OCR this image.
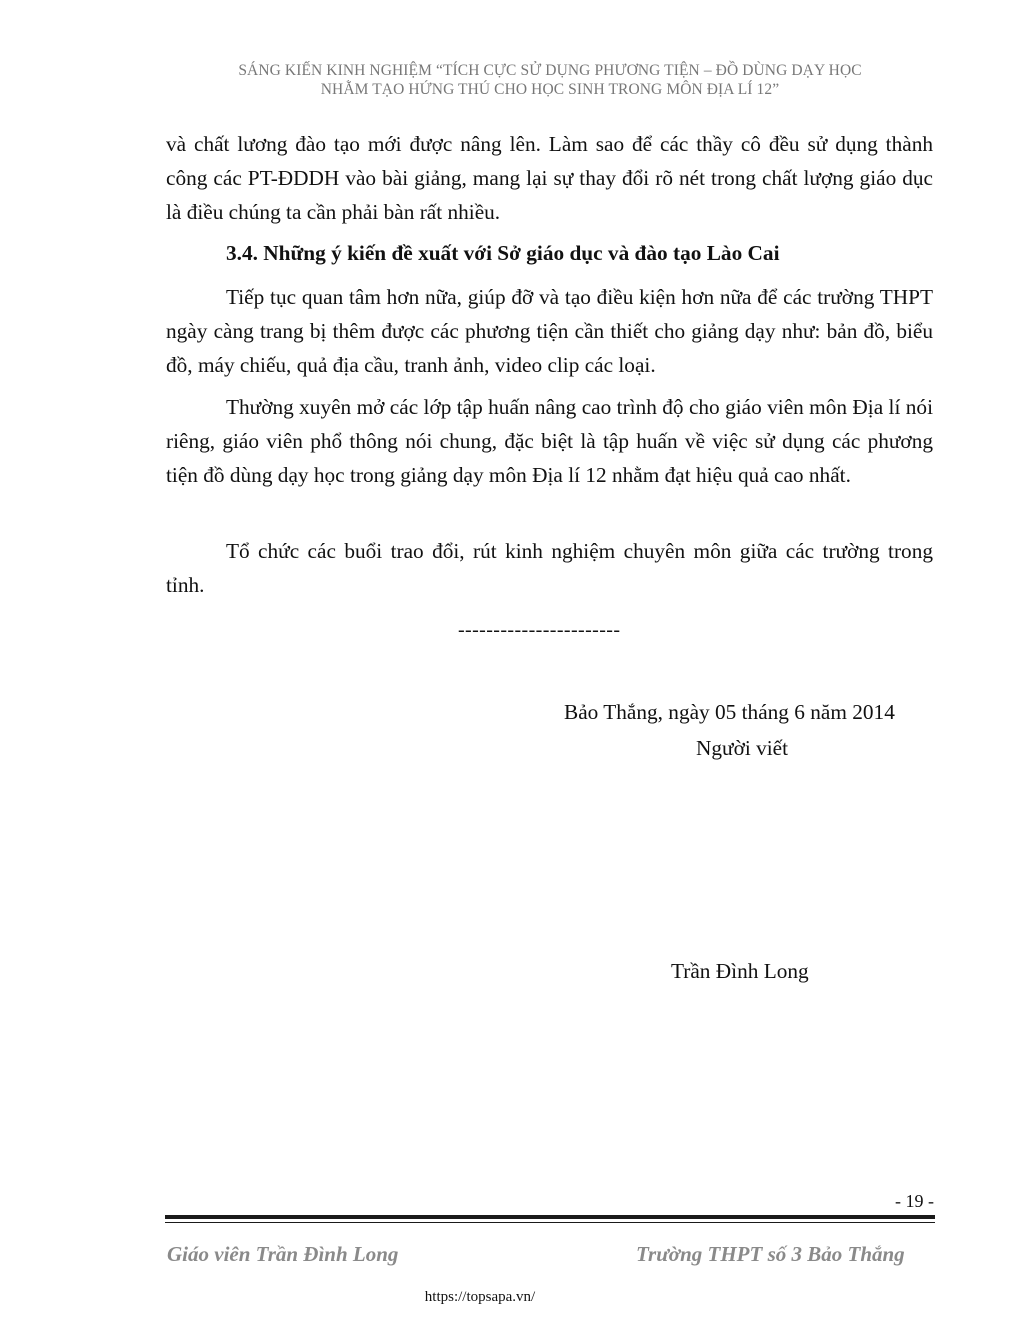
SÁNG KIẾN KINH NGHIỆM “TÍCH CỰC SỬ DỤNG PHƯƠNG TIỆN – ĐỒ DÙNG DẠY HỌC
NHẰM TẠO HỨNG THÚ CHO HỌC SINH TRONG MÔN ĐỊA LÍ 12”

và chất lương đào tạo mới được nâng lên. Làm sao để các thầy cô đều sử dụng thành công các PT-ĐDDH vào bài giảng, mang lại sự thay đổi rõ nét trong chất lượng giáo dục là điều chúng ta cần phải bàn rất nhiều.

3.4. Những ý kiến đề xuất với Sở giáo dục và đào tạo Lào Cai

Tiếp tục quan tâm hơn nữa, giúp đỡ và tạo điều kiện hơn nữa để các trường THPT ngày càng trang bị thêm được các phương tiện cần thiết cho giảng dạy như: bản đồ, biểu đồ, máy chiếu, quả địa cầu, tranh ảnh, video clip các loại.

Thường xuyên mở các lớp tập huấn nâng cao trình độ cho giáo viên môn Địa lí nói riêng, giáo viên phổ thông nói chung, đặc biệt là tập huấn về việc sử dụng các phương tiện đồ dùng dạy học trong giảng dạy môn Địa lí 12 nhằm đạt hiệu quả cao nhất.

Tổ chức các buổi trao đổi, rút kinh nghiệm chuyên môn giữa các trường trong tỉnh.

-----------------------
Bảo Thắng, ngày 05 tháng 6 năm 2014
Người viết
Trần Đình Long
- 19 -
Giáo viên Trần Đình Long	Trường THPT số 3 Bảo Thắng
https://topsapa.vn/
